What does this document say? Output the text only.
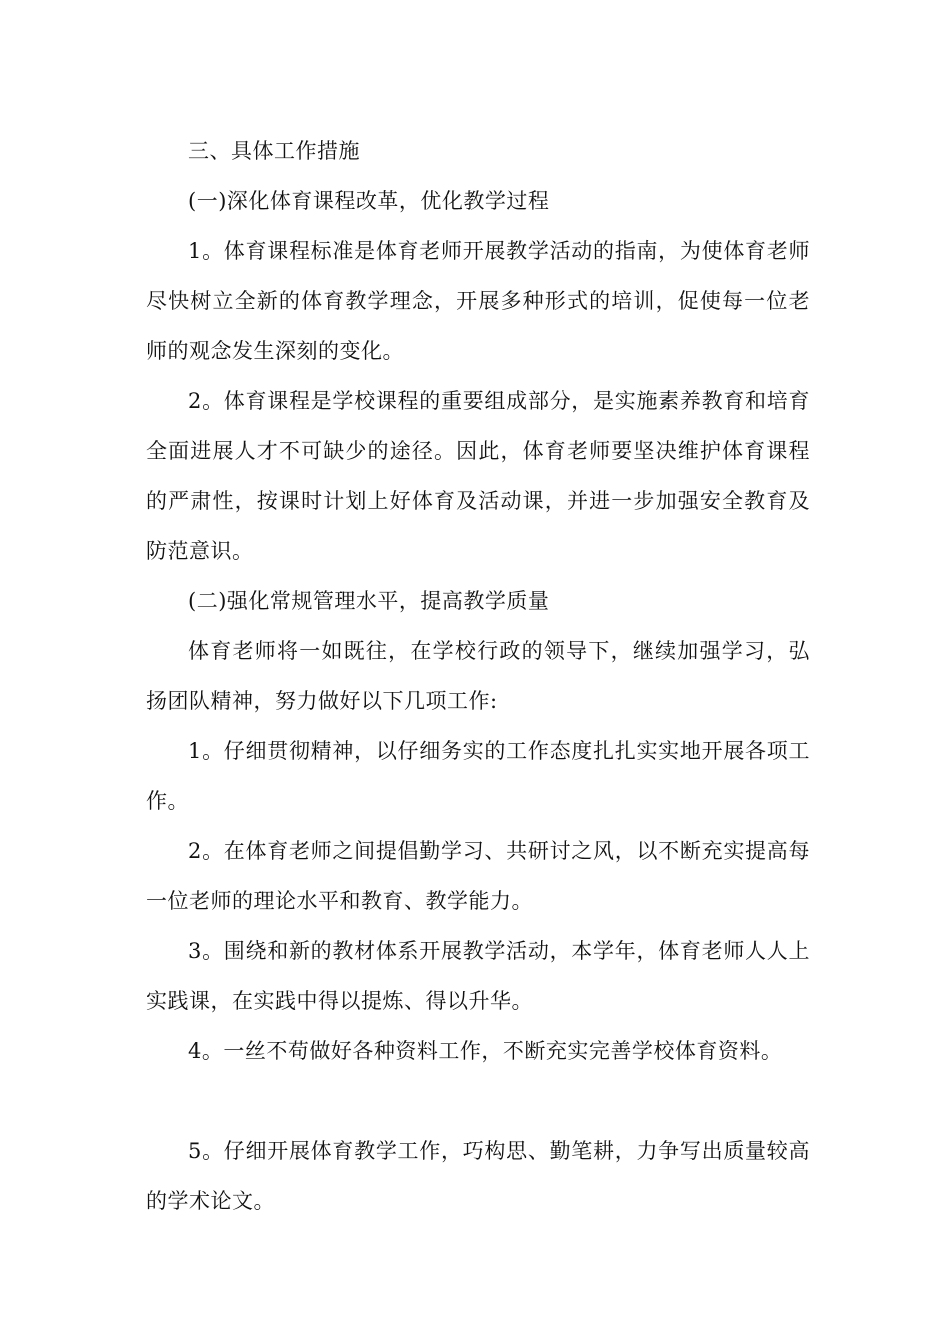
三、具体工作措施

(一)深化体育课程改革，优化教学过程

1。体育课程标准是体育老师开展教学活动的指南，为使体育老师尽快树立全新的体育教学理念，开展多种形式的培训，促使每一位老师的观念发生深刻的变化。

2。体育课程是学校课程的重要组成部分，是实施素养教育和培育全面进展人才不可缺少的途径。因此，体育老师要坚决维护体育课程的严肃性，按课时计划上好体育及活动课，并进一步加强安全教育及防范意识。

(二)强化常规管理水平，提高教学质量

体育老师将一如既往，在学校行政的领导下，继续加强学习，弘扬团队精神，努力做好以下几项工作:

1。仔细贯彻精神，以仔细务实的工作态度扎扎实实地开展各项工作。

2。在体育老师之间提倡勤学习、共研讨之风，以不断充实提高每一位老师的理论水平和教育、教学能力。

3。围绕和新的教材体系开展教学活动，本学年，体育老师人人上实践课，在实践中得以提炼、得以升华。

4。一丝不苟做好各种资料工作，不断充实完善学校体育资料。

5。仔细开展体育教学工作，巧构思、勤笔耕，力争写出质量较高的学术论文。
